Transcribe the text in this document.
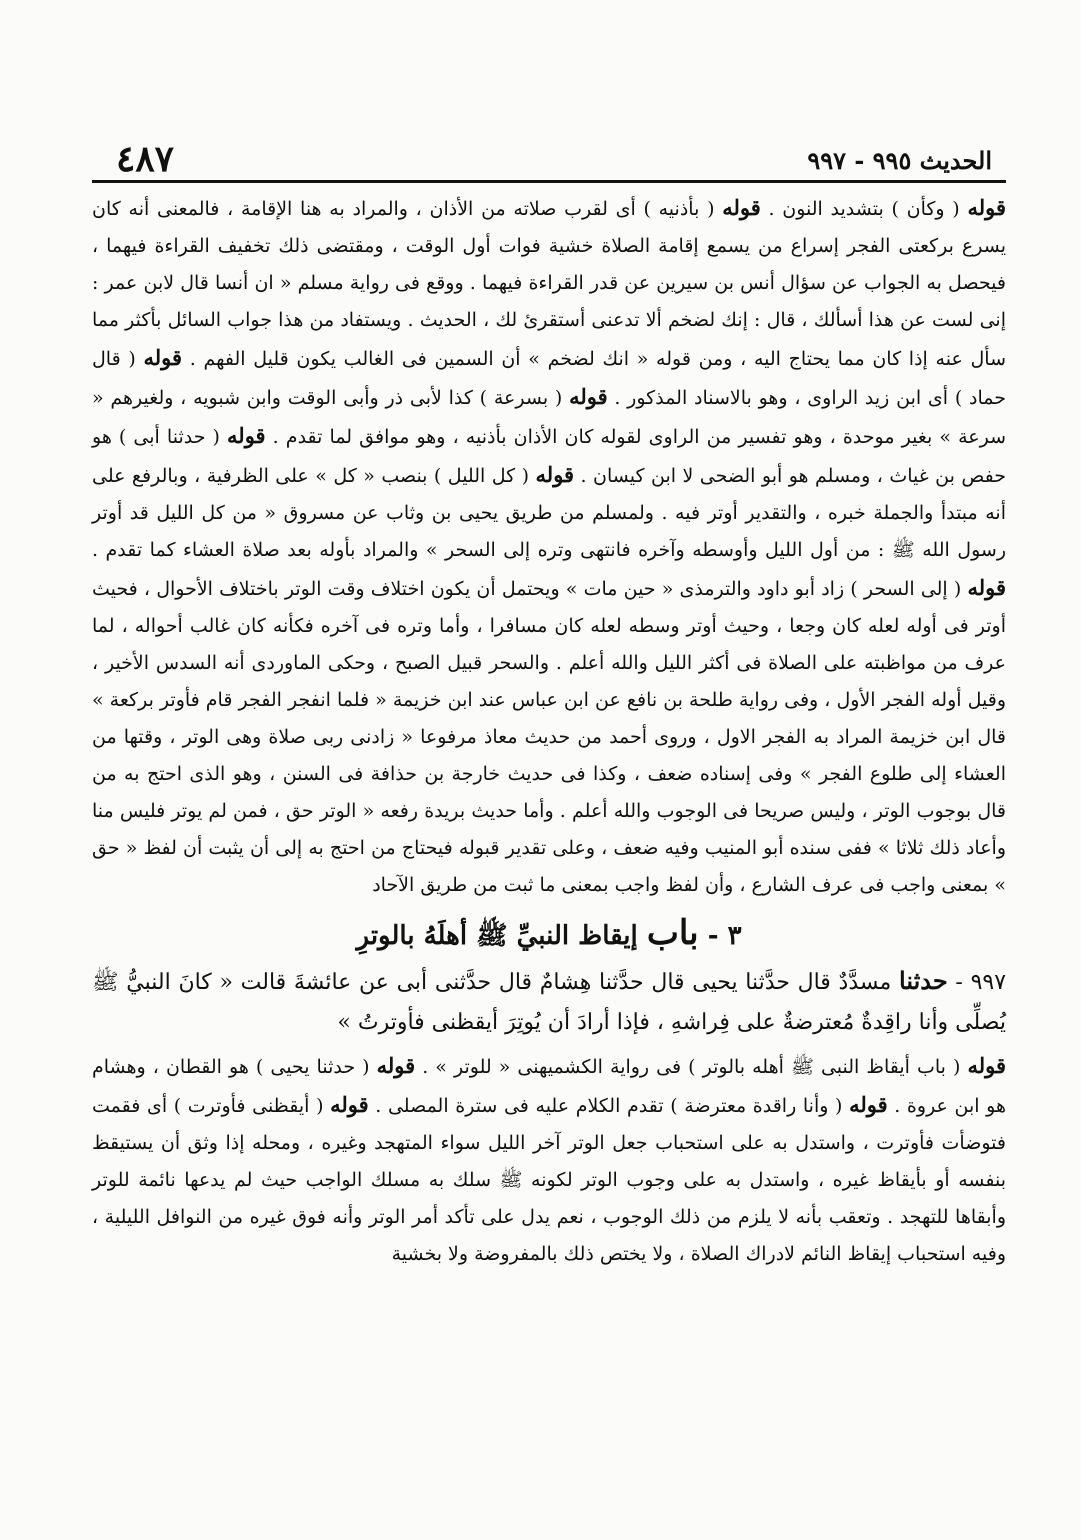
الحديث ٩٩٥ - ٩٩٧
٤٨٧

قوله ( وكأن ) بتشديد النون . قوله ( بأذنيه ) أى لقرب صلاته من الأذان ، والمراد به هنا الإقامة ، فالمعنى أنه كان يسرع بركعتى الفجر إسراع من يسمع إقامة الصلاة خشية فوات أول الوقت ، ومقتضى ذلك تخفيف القراءة فيهما ، فيحصل به الجواب عن سؤال أنس بن سيرين عن قدر القراءة فيهما . ووقع فى رواية مسلم « ان أنسا قال لابن عمر : إنى لست عن هذا أسألك ، قال : إنك لضخم ألا تدعنى أستقرئ لك ، الحديث . ويستفاد من هذا جواب السائل بأكثر مما سأل عنه إذا كان مما يحتاج اليه ، ومن قوله « انك لضخم » أن السمين فى الغالب يكون قليل الفهم . قوله ( قال حماد ) أى ابن زيد الراوى ، وهو بالاسناد المذكور . قوله ( بسرعة ) كذا لأبى ذر وأبى الوقت وابن شبويه ، ولغيرهم « سرعة » بغير موحدة ، وهو تفسير من الراوى لقوله كان الأذان بأذنيه ، وهو موافق لما تقدم . قوله ( حدثنا أبى ) هو حفص بن غياث ، ومسلم هو أبو الضحى لا ابن كيسان . قوله ( كل الليل ) بنصب « كل » على الظرفية ، وبالرفع على أنه مبتدأ والجملة خبره ، والتقدير أوتر فيه . ولمسلم من طريق يحيى بن وثاب عن مسروق « من كل الليل قد أوتر رسول الله ﷺ : من أول الليل وأوسطه وآخره فانتهى وتره إلى السحر » والمراد بأوله بعد صلاة العشاء كما تقدم . قوله ( إلى السحر ) زاد أبو داود والترمذى « حين مات » ويحتمل أن يكون اختلاف وقت الوتر باختلاف الأحوال ، فحيث أوتر فى أوله لعله كان وجعا ، وحيث أوتر وسطه لعله كان مسافرا ، وأما وتره فى آخره فكأنه كان غالب أحواله ، لما عرف من مواظبته على الصلاة فى أكثر الليل والله أعلم . والسحر قبيل الصبح ، وحكى الماوردى أنه السدس الأخير ، وقيل أوله الفجر الأول ، وفى رواية طلحة بن نافع عن ابن عباس عند ابن خزيمة « فلما انفجر الفجر قام فأوتر بركعة » قال ابن خزيمة المراد به الفجر الاول ، وروى أحمد من حديث معاذ مرفوعا « زادنى ربى صلاة وهى الوتر ، وقتها من العشاء إلى طلوع الفجر » وفى إسناده ضعف ، وكذا فى حديث خارجة بن حذافة فى السنن ، وهو الذى احتج به من قال بوجوب الوتر ، وليس صريحا فى الوجوب والله أعلم . وأما حديث بريدة رفعه « الوتر حق ، فمن لم يوتر فليس منا وأعاد ذلك ثلاثا » ففى سنده أبو المنيب وفيه ضعف ، وعلى تقدير قبوله فيحتاج من احتج به إلى أن يثبت أن لفظ « حق » بمعنى واجب فى عرف الشارع ، وأن لفظ واجب بمعنى ما ثبت من طريق الآحاد

٣ - باب إيقاظ النبيِّ ﷺ أهلَهُ بالوترِ

٩٩٧ - حدثنا مسدَّدٌ قال حدَّثنا يحيى قال حدَّثنا هِشامٌ قال حدَّثنى أبى عن عائشةَ قالت « كانَ النبيُّ ﷺ يُصلِّى وأنا راقِدةٌ مُعترضةٌ على فِراشهِ ، فإذا أرادَ أن يُوتِرَ أيقظنى فأوترتُ »

قوله ( باب أيقاظ النبى ﷺ أهله بالوتر ) فى رواية الكشميهنى « للوتر » . قوله ( حدثنا يحيى ) هو القطان ، وهشام هو ابن عروة . قوله ( وأنا راقدة معترضة ) تقدم الكلام عليه فى سترة المصلى . قوله ( أيقظنى فأوترت ) أى فقمت فتوضأت فأوترت ، واستدل به على استحباب جعل الوتر آخر الليل سواء المتهجد وغيره ، ومحله إذا وثق أن يستيقظ بنفسه أو بأيقاظ غيره ، واستدل به على وجوب الوتر لكونه ﷺ سلك به مسلك الواجب حيث لم يدعها نائمة للوتر وأبقاها للتهجد . وتعقب بأنه لا يلزم من ذلك الوجوب ، نعم يدل على تأكد أمر الوتر وأنه فوق غيره من النوافل الليلية ، وفيه استحباب إيقاظ النائم لادراك الصلاة ، ولا يختص ذلك بالمفروضة ولا بخشية
